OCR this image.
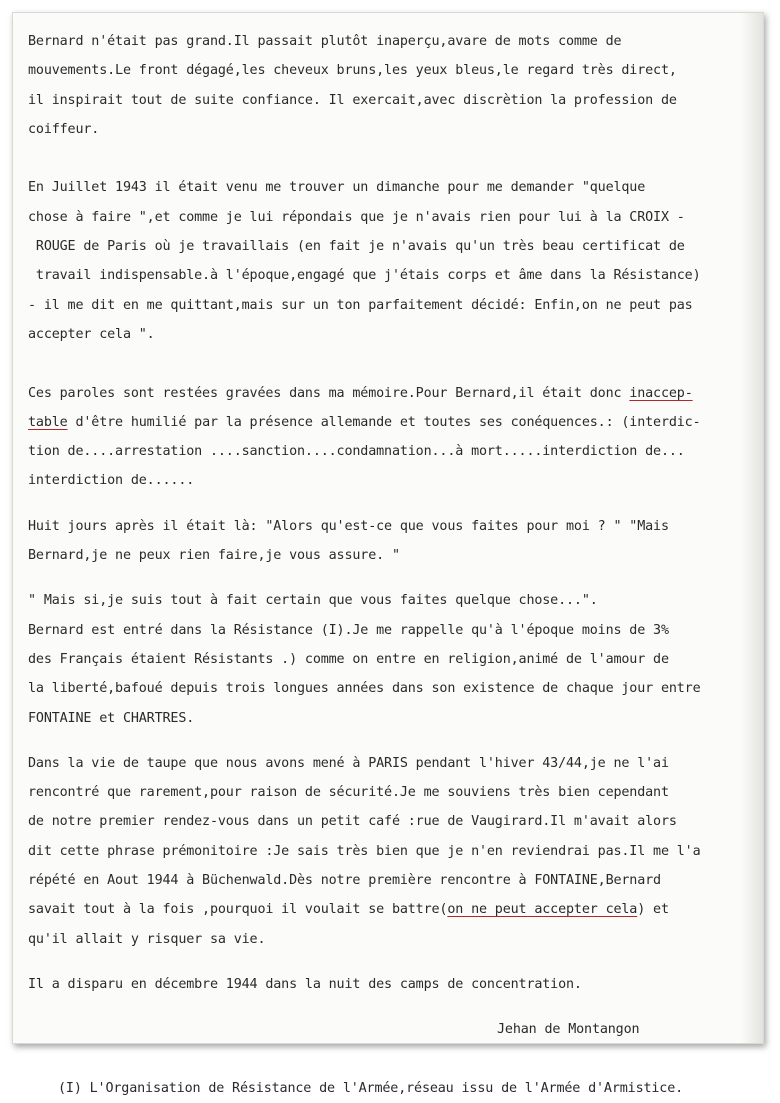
Bernard n'était pas grand.Il passait plutôt inaperçu,avare de mots comme de
mouvements.Le front dégagé,les cheveux bruns,les yeux bleus,le regard très direct,
il inspirait tout de suite confiance. Il exercait,avec discrètion la profession de
coiffeur.
En Juillet 1943 il était venu me trouver un dimanche pour me demander "quelque
chose à faire ",et comme je lui répondais que je n'avais rien pour lui à la CROIX -
ROUGE de Paris où je travaillais (en fait je n'avais qu'un très beau certificat de
travail indispensable.à l'époque,engagé que j'étais corps et âme dans la Résistance)
- il me dit en me quittant,mais sur un ton parfaitement décidé: Enfin,on ne peut pas
accepter cela ".
Ces paroles sont restées gravées dans ma mémoire.Pour Bernard,il était donc inaccep-
table d'être humilié par la présence allemande et toutes ses conéquences.: (interdic-
tion de....arrestation ....sanction....condamnation...à mort.....interdiction de...
interdiction de......
Huit jours après il était là: "Alors qu'est-ce que vous faites pour moi ? " "Mais
Bernard,je ne peux rien faire,je vous assure. "
" Mais si,je suis tout à fait certain que vous faites quelque chose...".
Bernard est entré dans la Résistance (I).Je me rappelle qu'à l'époque moins de 3%
des Français étaient Résistants .) comme on entre en religion,animé de l'amour de
la liberté,bafoué depuis trois longues années dans son existence de chaque jour entre
FONTAINE et CHARTRES.
Dans la vie de taupe que nous avons mené à PARIS pendant l'hiver 43/44,je ne l'ai
rencontré que rarement,pour raison de sécurité.Je me souviens très bien cependant
de notre premier rendez-vous dans un petit café :rue de Vaugirard.Il m'avait alors
dit cette phrase prémonitoire :Je sais très bien que je n'en reviendrai pas.Il me l'a
répété en Aout 1944 à Büchenwald.Dès notre première rencontre à FONTAINE,Bernard
savait tout à la fois ,pourquoi il voulait se battre(on ne peut accepter cela) et
qu'il allait y risquer sa vie.
Il a disparu en décembre 1944 dans la nuit des camps de concentration.
Jehan de Montangon
(I) L'Organisation de Résistance de l'Armée,réseau issu de l'Armée d'Armistice.
